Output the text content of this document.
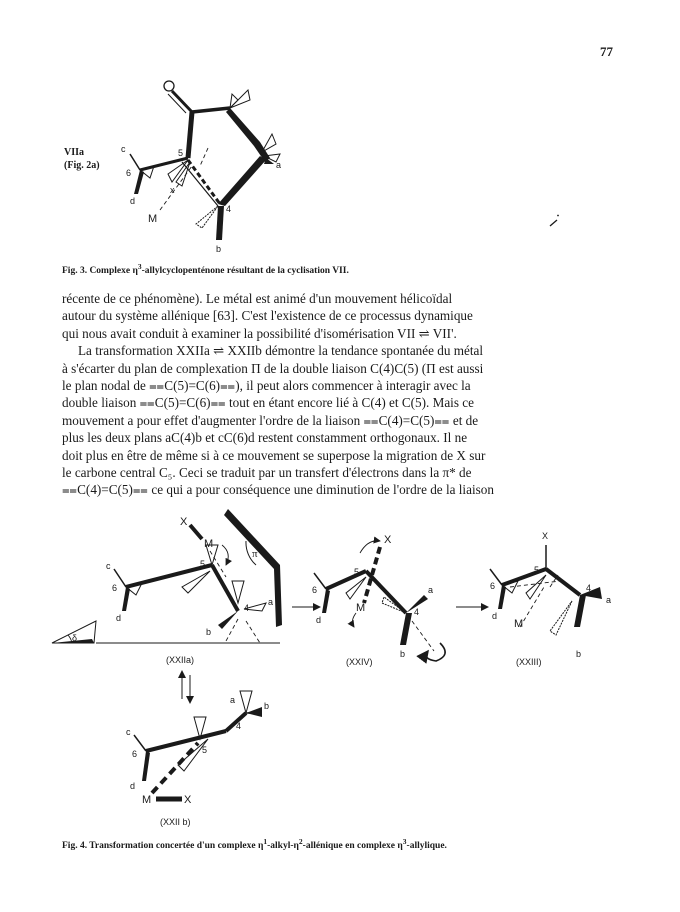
77
VIIa
(Fig. 2a)
c
6
5
a
d
M
x
4
b
Fig. 3. Complexe $\eta^3$-allylcyclopenténone résultant de la cyclisation VII.

récente de ce phénomène). Le métal est animé d'un mouvement hélicoïdal

autour du système allénique [63]. C'est l'existence de ce processus dynamique

qui nous avait conduit à examiner la possibilité d'isomérisation VII ⇌ VII'.

La transformation XXIIa ⇌ XXIIb démontre la tendance spontanée du métal

à s'écarter du plan de complexation Π de la double liaison C(4)C(5) (Π est aussi

le plan nodal de ⩵C(5)=C(6)⩵), il peut alors commencer à interagir avec la

double liaison ⩵C(5)=C(6)⩵ tout en étant encore lié à C(4) et C(5). Mais ce

mouvement a pour effet d'augmenter l'ordre de la liaison ⩵C(4)=C(5)⩵ et de

plus les deux plans aC(4)b et cC(6)d restent constamment orthogonaux. Il ne

doit plus en être de même si à ce mouvement se superpose la migration de X sur

le carbone central C₅. Ceci se traduit par un transfert d'électrons dans la π* de

⩵C(4)=C(5)⩵ ce qui a pour conséquence une diminution de l'ordre de la liaison

X
M
π
c
6
5
d
4
a
b
δ
(XXIIa)
X
6
5
a
d
M	4
b
(XXIV)
X
6
5
4
a
d
M
b
(XXIII)
a
b
c
6
4
5
d
M	X
(XXII b)
Fig. 4. Transformation concertée d'un complexe $\eta^1-alkyl-\eta^2$-allénique en complexe $\eta^3$-allylique.
